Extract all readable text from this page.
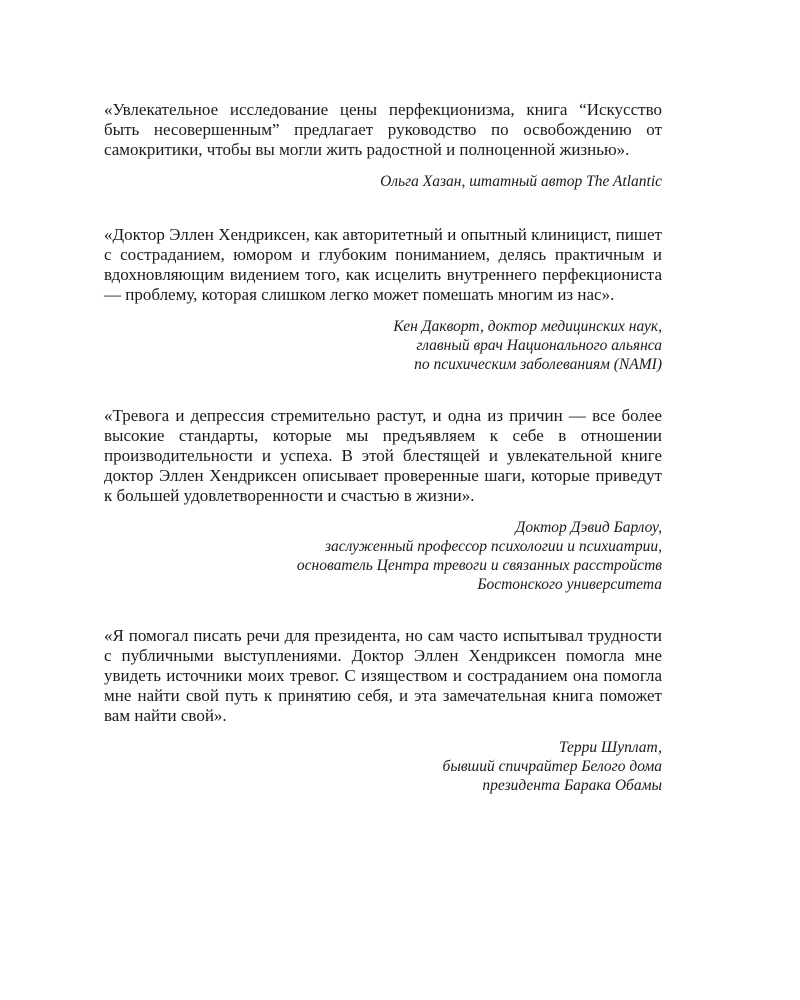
«Увлекательное исследование цены перфекционизма, книга “Искусство быть несовершенным” предлагает руководство по освобождению от самокритики, чтобы вы могли жить радостной и полноценной жизнью».

Ольга Хазан, штатный автор The Atlantic

«Доктор Эллен Хендриксен, как авторитетный и опытный клиницист, пишет с состраданием, юмором и глубоким пониманием, делясь практичным и вдохновляющим видением того, как исцелить внутреннего перфекциониста — проблему, которая слишком легко может помешать многим из нас».

Кен Дакворт, доктор медицинских наук,
главный врач Национального альянса
по психическим заболеваниям (NAMI)

«Тревога и депрессия стремительно растут, и одна из причин — все более высокие стандарты, которые мы предъявляем к себе в отношении производительности и успеха. В этой блестящей и увлекательной книге доктор Эллен Хендриксен описывает проверенные шаги, которые приведут к большей удовлетворенности и счастью в жизни».

Доктор Дэвид Барлоу,
заслуженный профессор психологии и психиатрии,
основатель Центра тревоги и связанных расстройств
Бостонского университета

«Я помогал писать речи для президента, но сам часто испытывал трудности с публичными выступлениями. Доктор Эллен Хендриксен помогла мне увидеть источники моих тревог. С изяществом и состраданием она помогла мне найти свой путь к принятию себя, и эта замечательная книга поможет вам найти свой».

Терри Шуплат,
бывший спичрайтер Белого дома
президента Барака Обамы
